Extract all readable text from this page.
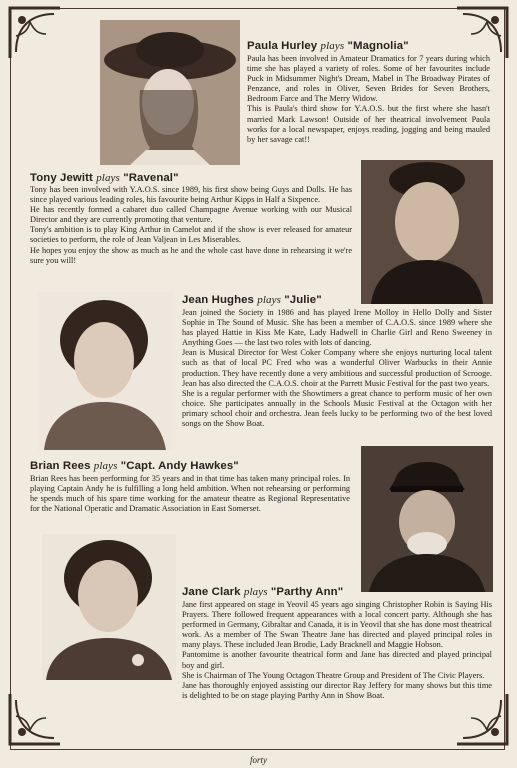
Paula Hurley plays "Magnolia"

Paula has been involved in Amateur Dramatics for 7 years during which time she has played a variety of roles. Some of her favourites include Puck in Midsummer Night's Dream, Mabel in The Broadway Pirates of Penzance, and roles in Oliver, Seven Brides for Seven Brothers, Bedroom Farce and The Merry Widow.

This is Paula's third show for Y.A.O.S. but the first where she hasn't married Mark Lawson! Outside of her theatrical involvement Paula works for a local newspaper, enjoys reading, jogging and being mauled by her savage cat!!

Tony Jewitt plays "Ravenal"

Tony has been involved with Y.A.O.S. since 1989, his first show being Guys and Dolls. He has since played various leading roles, his favourite being Arthur Kipps in Half a Sixpence.

He has recently formed a cabaret duo called Champagne Avenue working with our Musical Director and they are currently promoting that venture.

Tony's ambition is to play King Arthur in Camelot and if the show is ever released for amateur societies to perform, the role of Jean Valjean in Les Miserables.

He hopes you enjoy the show as much as he and the whole cast have done in rehearsing it we're sure you will!

Jean Hughes plays "Julie"

Jean joined the Society in 1986 and has played Irene Molloy in Hello Dolly and Sister Sophie in The Sound of Music. She has been a member of C.A.O.S. since 1989 where she has played Hattie in Kiss Me Kate, Lady Hadwell in Charlie Girl and Reno Sweeney in Anything Goes — the last two roles with lots of dancing.

Jean is Musical Director for West Coker Company where she enjoys nurturing local talent such as that of local PC Fred who was a wonderful Oliver Warbucks in their Annie production. They have recently done a very ambitious and successful production of Scrooge. Jean has also directed the C.A.O.S. choir at the Parrett Music Festival for the past two years.

She is a regular performer with the Showtimers a great chance to perform music of her own choice. She participates annually in the Schools Music Festival at the Octagon with her primary school choir and orchestra. Jean feels lucky to be performing two of the best loved songs on the Show Boat.

Brian Rees plays "Capt. Andy Hawkes"

Brian Rees has been performing for 35 years and in that time has taken many principal roles. In playing Captain Andy he is fulfilling a long held ambition. When not rehearsing or performing he spends much of his spare time working for the amateur theatre as Regional Representative for the National Operatic and Dramatic Association in East Somerset.

Jane Clark plays "Parthy Ann"

Jane first appeared on stage in Yeovil 45 years ago singing Christopher Robin is Saying His Prayers. There followed frequent appearances with a local concert party. Although she has performed in Germany, Gibraltar and Canada, it is in Yeovil that she has done most theatrical work. As a member of The Swan Theatre Jane has directed and played principal roles in many plays. These included Jean Brodie, Lady Bracknell and Maggie Hobson.

Pantomime is another favourite theatrical form and Jane has directed and played principal boy and girl.

She is Chairman of The Young Octagon Theatre Group and President of The Civic Players.

Jane has thoroughly enjoyed assisting our director Ray Jeffery for many shows but this time is delighted to be on stage playing Parthy Ann in Show Boat.

forty
